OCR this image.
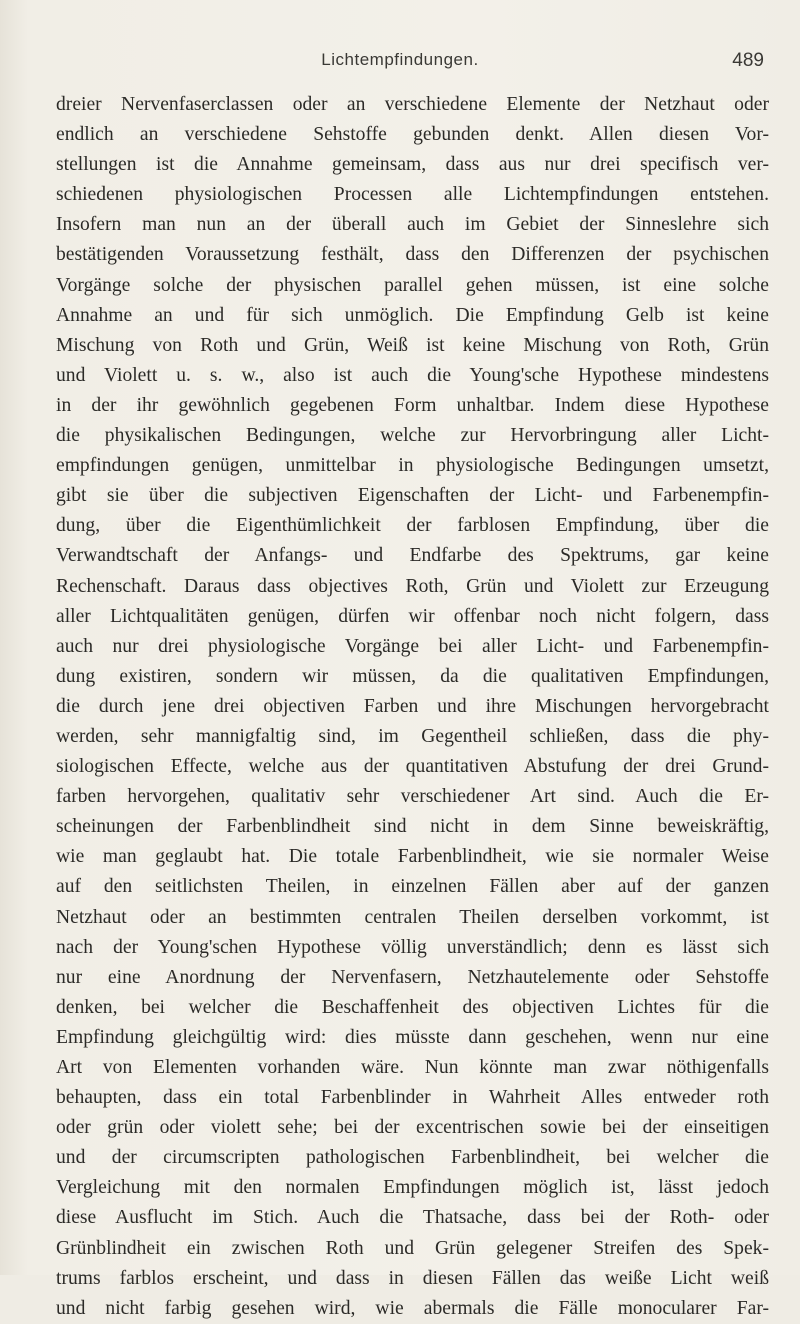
Lichtempfindungen.	489
dreier Nervenfaserclassen oder an verschiedene Elemente der Netzhaut oder
endlich an verschiedene Sehstoffe gebunden denkt. Allen diesen Vor-
stellungen ist die Annahme gemeinsam, dass aus nur drei specifisch ver-
schiedenen physiologischen Processen alle Lichtempfindungen entstehen.
Insofern man nun an der überall auch im Gebiet der Sinneslehre sich
bestätigenden Voraussetzung festhält, dass den Differenzen der psychischen
Vorgänge solche der physischen parallel gehen müssen, ist eine solche
Annahme an und für sich unmöglich. Die Empfindung Gelb ist keine
Mischung von Roth und Grün, Weiß ist keine Mischung von Roth, Grün
und Violett u. s. w., also ist auch die Young'sche Hypothese mindestens
in der ihr gewöhnlich gegebenen Form unhaltbar. Indem diese Hypothese
die physikalischen Bedingungen, welche zur Hervorbringung aller Licht-
empfindungen genügen, unmittelbar in physiologische Bedingungen umsetzt,
gibt sie über die subjectiven Eigenschaften der Licht- und Farbenempfin-
dung, über die Eigenthümlichkeit der farblosen Empfindung, über die
Verwandtschaft der Anfangs- und Endfarbe des Spektrums, gar keine
Rechenschaft. Daraus dass objectives Roth, Grün und Violett zur Erzeugung
aller Lichtqualitäten genügen, dürfen wir offenbar noch nicht folgern, dass
auch nur drei physiologische Vorgänge bei aller Licht- und Farbenempfin-
dung existiren, sondern wir müssen, da die qualitativen Empfindungen,
die durch jene drei objectiven Farben und ihre Mischungen hervorgebracht
werden, sehr mannigfaltig sind, im Gegentheil schließen, dass die phy-
siologischen Effecte, welche aus der quantitativen Abstufung der drei Grund-
farben hervorgehen, qualitativ sehr verschiedener Art sind. Auch die Er-
scheinungen der Farbenblindheit sind nicht in dem Sinne beweiskräftig,
wie man geglaubt hat. Die totale Farbenblindheit, wie sie normaler Weise
auf den seitlichsten Theilen, in einzelnen Fällen aber auf der ganzen
Netzhaut oder an bestimmten centralen Theilen derselben vorkommt, ist
nach der Young'schen Hypothese völlig unverständlich; denn es lässt sich
nur eine Anordnung der Nervenfasern, Netzhautelemente oder Sehstoffe
denken, bei welcher die Beschaffenheit des objectiven Lichtes für die
Empfindung gleichgültig wird: dies müsste dann geschehen, wenn nur eine
Art von Elementen vorhanden wäre. Nun könnte man zwar nöthigenfalls
behaupten, dass ein total Farbenblinder in Wahrheit Alles entweder roth
oder grün oder violett sehe; bei der excentrischen sowie bei der einseitigen
und der circumscripten pathologischen Farbenblindheit, bei welcher die
Vergleichung mit den normalen Empfindungen möglich ist, lässt jedoch
diese Ausflucht im Stich. Auch die Thatsache, dass bei der Roth- oder
Grünblindheit ein zwischen Roth und Grün gelegener Streifen des Spek-
trums farblos erscheint, und dass in diesen Fällen das weiße Licht weiß
und nicht farbig gesehen wird, wie abermals die Fälle monocularer Far-
